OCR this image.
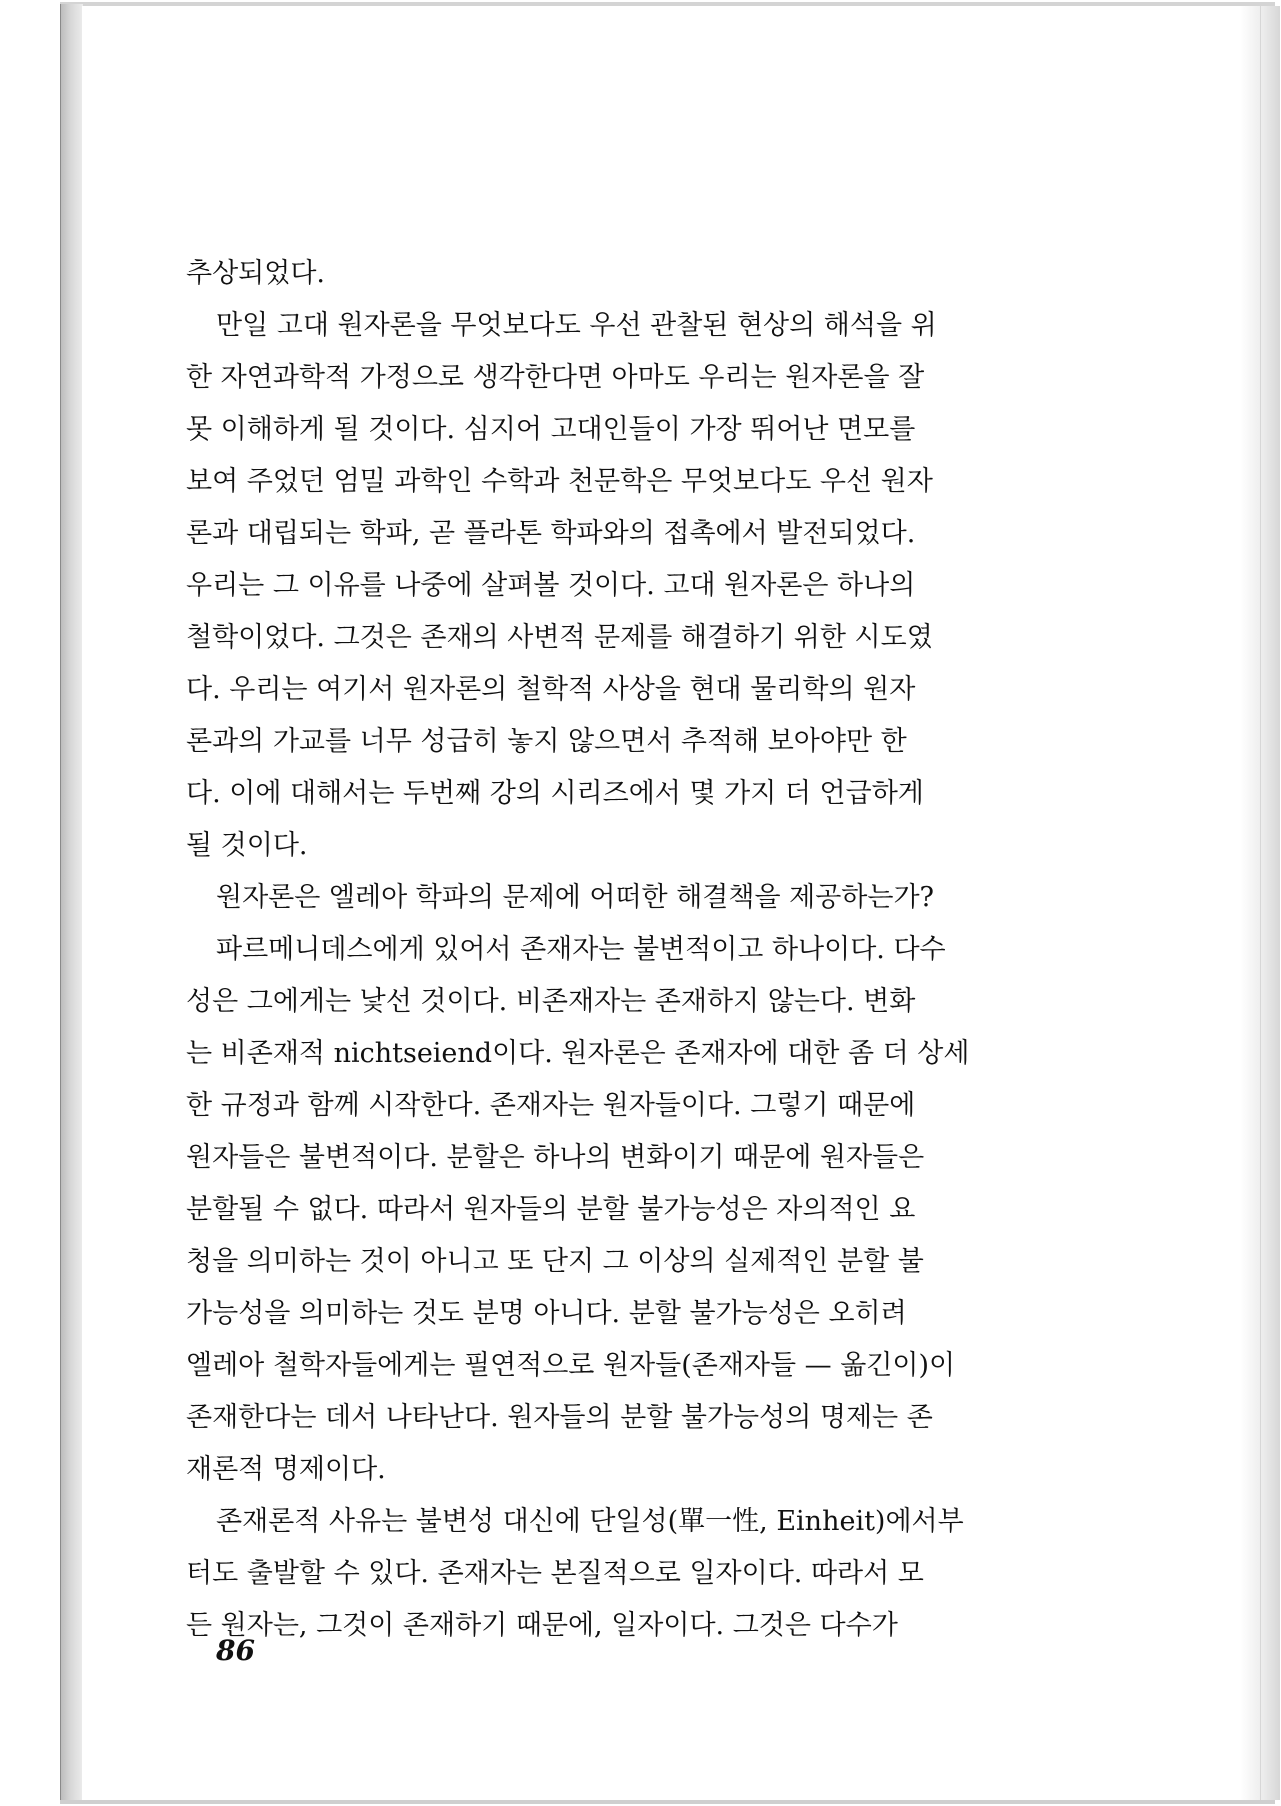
추상되었다.
만일 고대 원자론을 무엇보다도 우선 관찰된 현상의 해석을 위
한 자연과학적 가정으로 생각한다면 아마도 우리는 원자론을 잘
못 이해하게 될 것이다. 심지어 고대인들이 가장 뛰어난 면모를
보여 주었던 엄밀 과학인 수학과 천문학은 무엇보다도 우선 원자
론과 대립되는 학파, 곧 플라톤 학파와의 접촉에서 발전되었다.
우리는 그 이유를 나중에 살펴볼 것이다. 고대 원자론은 하나의
철학이었다. 그것은 존재의 사변적 문제를 해결하기 위한 시도였
다. 우리는 여기서 원자론의 철학적 사상을 현대 물리학의 원자
론과의 가교를 너무 성급히 놓지 않으면서 추적해 보아야만 한
다. 이에 대해서는 두번째 강의 시리즈에서 몇 가지 더 언급하게
될 것이다.
원자론은 엘레아 학파의 문제에 어떠한 해결책을 제공하는가?
파르메니데스에게 있어서 존재자는 불변적이고 하나이다. 다수
성은 그에게는 낯선 것이다. 비존재자는 존재하지 않는다. 변화
는 비존재적 nichtseiend이다. 원자론은 존재자에 대한 좀 더 상세
한 규정과 함께 시작한다. 존재자는 원자들이다. 그렇기 때문에
원자들은 불변적이다. 분할은 하나의 변화이기 때문에 원자들은
분할될 수 없다. 따라서 원자들의 분할 불가능성은 자의적인 요
청을 의미하는 것이 아니고 또 단지 그 이상의 실제적인 분할 불
가능성을 의미하는 것도 분명 아니다. 분할 불가능성은 오히려
엘레아 철학자들에게는 필연적으로 원자들(존재자들 — 옮긴이)이
존재한다는 데서 나타난다. 원자들의 분할 불가능성의 명제는 존
재론적 명제이다.
존재론적 사유는 불변성 대신에 단일성(單一性, Einheit)에서부
터도 출발할 수 있다. 존재자는 본질적으로 일자이다. 따라서 모
든 원자는, 그것이 존재하기 때문에, 일자이다. 그것은 다수가
86
